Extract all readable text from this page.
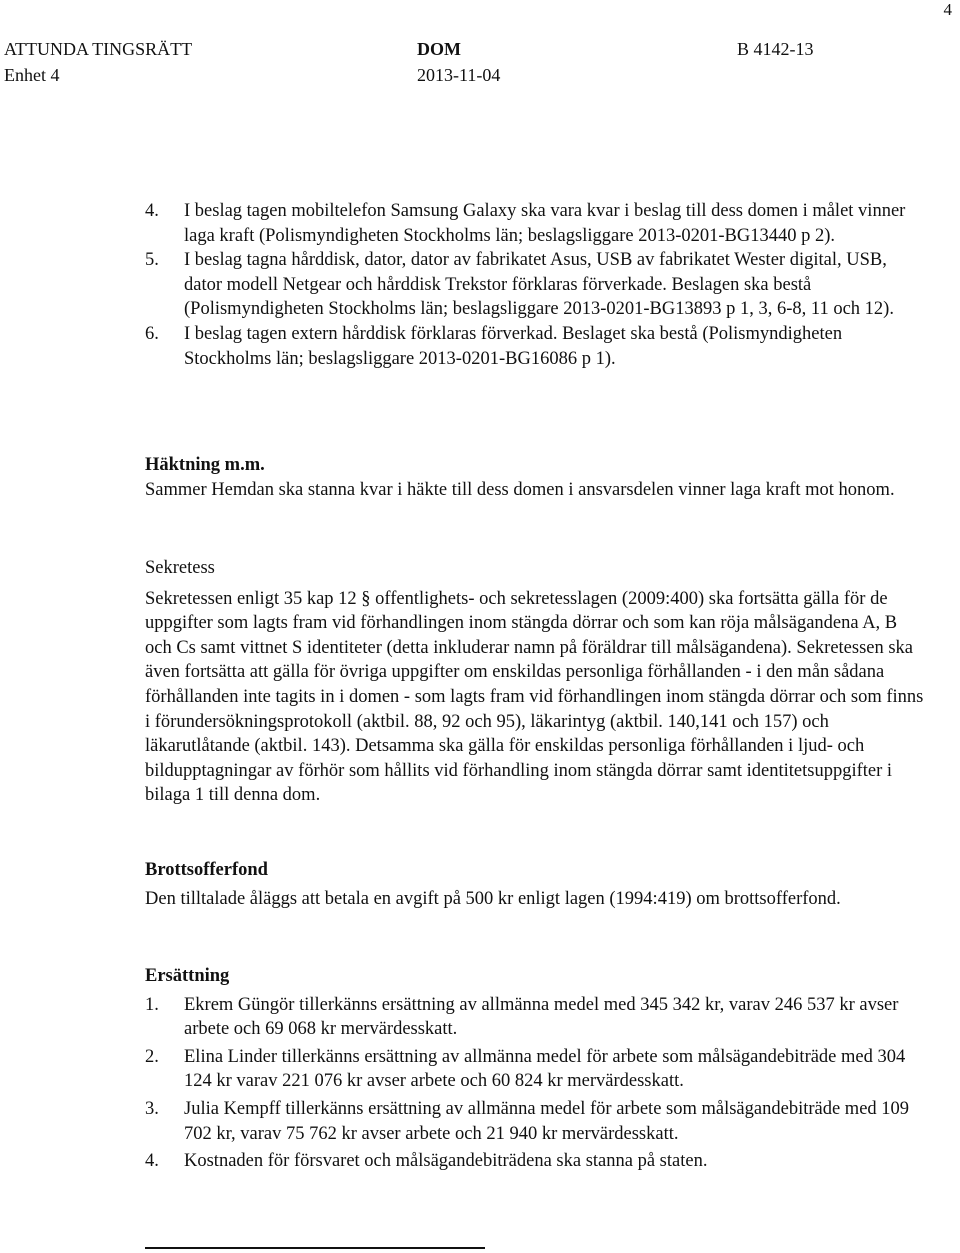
4
ATTUNDA TINGSRÄTT	DOM	B 4142-13
Enhet 4	2013-11-04
4. I beslag tagen mobiltelefon Samsung Galaxy ska vara kvar i beslag till dess domen i målet vinner laga kraft (Polismyndigheten Stockholms län; beslagsliggare 2013-0201-BG13440 p 2).
5. I beslag tagna hårddisk, dator, dator av fabrikatet Asus, USB av fabrikatet Wester digital, USB, dator modell Netgear och hårddisk Trekstor förklaras förverkade. Beslagen ska bestå (Polismyndigheten Stockholms län; beslagsliggare 2013-0201-BG13893 p 1, 3, 6-8, 11 och 12).
6. I beslag tagen extern hårddisk förklaras förverkad. Beslaget ska bestå (Polismyndigheten Stockholms län; beslagsliggare 2013-0201-BG16086 p 1).
Häktning m.m.
Sammer Hemdan ska stanna kvar i häkte till dess domen i ansvarsdelen vinner laga kraft mot honom.
Sekretess
Sekretessen enligt 35 kap 12 § offentlighets- och sekretesslagen (2009:400) ska fortsätta gälla för de uppgifter som lagts fram vid förhandlingen inom stängda dörrar och som kan röja målsägandena A, B och Cs samt vittnet S identiteter (detta inkluderar namn på föräldrar till målsägandena). Sekretessen ska även fortsätta att gälla för övriga uppgifter om enskildas personliga förhållanden - i den mån sådana förhållanden inte tagits in i domen - som lagts fram vid förhandlingen inom stängda dörrar och som finns i förundersökningsprotokoll (aktbil. 88, 92 och 95), läkarintyg (aktbil. 140,141 och 157) och läkarutlåtande (aktbil. 143). Detsamma ska gälla för enskildas personliga förhållanden i ljud- och bildupptagningar av förhör som hållits vid förhandling inom stängda dörrar samt identitetsuppgifter i bilaga 1 till denna dom.
Brottsofferfond
Den tilltalade åläggs att betala en avgift på 500 kr enligt lagen (1994:419) om brottsofferfond.
Ersättning
1. Ekrem Güngör tillerkänns ersättning av allmänna medel med 345 342 kr, varav 246 537 kr avser arbete och 69 068 kr mervärdesskatt.
2. Elina Linder tillerkänns ersättning av allmänna medel för arbete som målsägandebiträde med 304 124 kr varav 221 076 kr avser arbete och 60 824 kr mervärdesskatt.
3. Julia Kempff tillerkänns ersättning av allmänna medel för arbete som målsägandebiträde med 109 702 kr, varav 75 762 kr avser arbete och 21 940 kr mervärdesskatt.
4. Kostnaden för försvaret och målsägandebiträdena ska stanna på staten.
